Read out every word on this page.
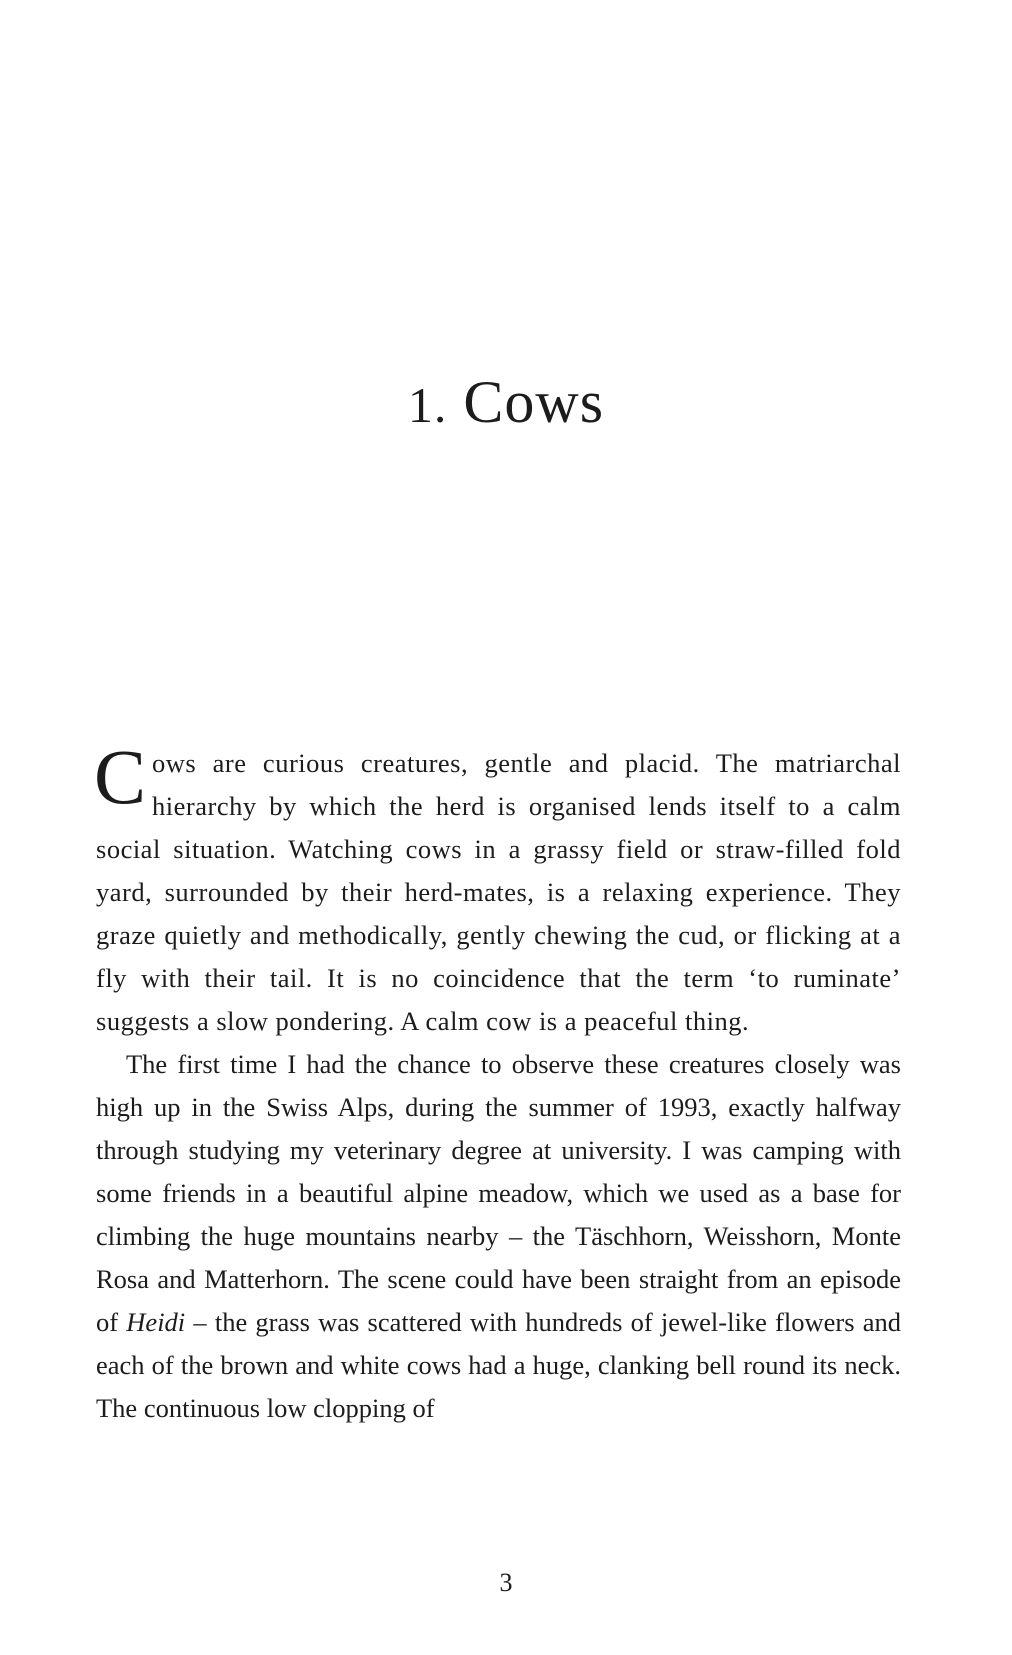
1. Cows

Cows are curious creatures, gentle and placid. The matriarchal hierarchy by which the herd is organised lends itself to a calm social situation. Watching cows in a grassy field or straw-filled fold yard, surrounded by their herd-mates, is a relaxing experience. They graze quietly and methodically, gently chewing the cud, or flicking at a fly with their tail. It is no coincidence that the term ‘to ruminate’ suggests a slow pondering. A calm cow is a peaceful thing.

The first time I had the chance to observe these creatures closely was high up in the Swiss Alps, during the summer of 1993, exactly halfway through studying my veterinary degree at university. I was camping with some friends in a beautiful alpine meadow, which we used as a base for climbing the huge mountains nearby – the Täschhorn, Weisshorn, Monte Rosa and Matterhorn. The scene could have been straight from an episode of Heidi – the grass was scattered with hundreds of jewel-like flowers and each of the brown and white cows had a huge, clanking bell round its neck. The continuous low clopping of

3
